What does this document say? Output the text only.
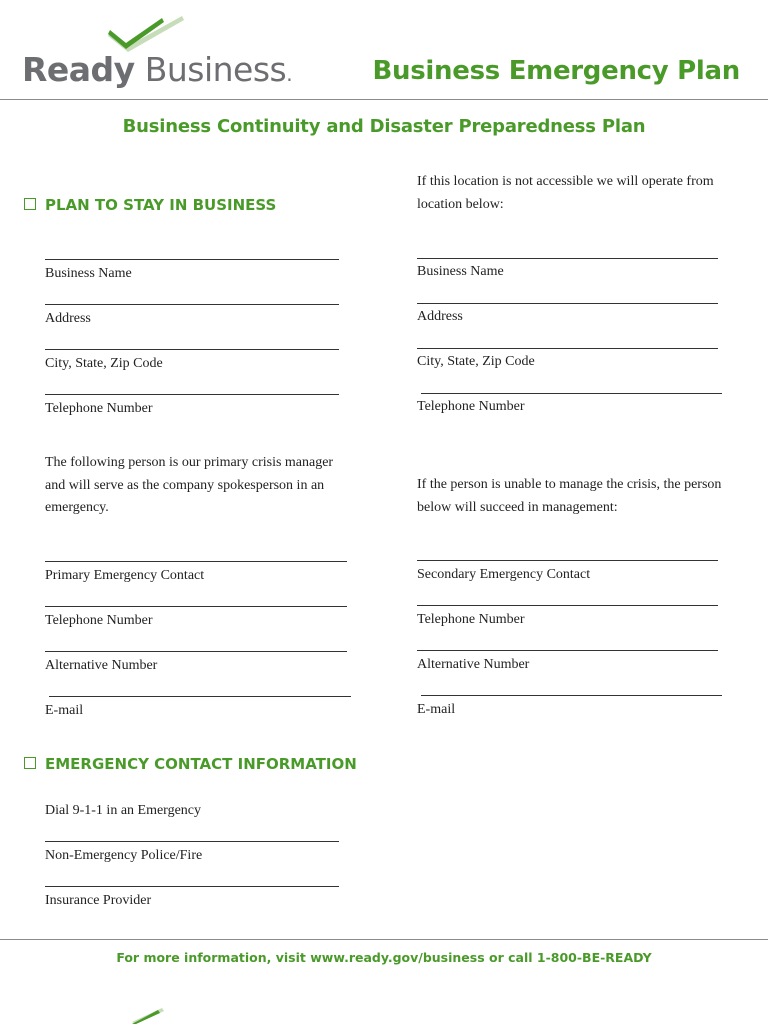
Ready Business.	Business Emergency Plan
Business Continuity and Disaster Preparedness Plan
PLAN TO STAY IN BUSINESS
If this location is not accessible we will operate from location below:
Business Name
Address
City, State, Zip Code
Telephone Number
Business Name
Address
City, State, Zip Code
Telephone Number
The following person is our primary crisis manager and will serve as the company spokesperson in an emergency.
If the person is unable to manage the crisis, the person below will succeed in management:
Primary Emergency Contact
Telephone Number
Alternative Number
E-mail
Secondary Emergency Contact
Telephone Number
Alternative Number
E-mail
EMERGENCY CONTACT INFORMATION
Dial 9-1-1 in an Emergency
Non-Emergency Police/Fire
Insurance Provider
For more information, visit www.ready.gov/business or call 1-800-BE-READY
